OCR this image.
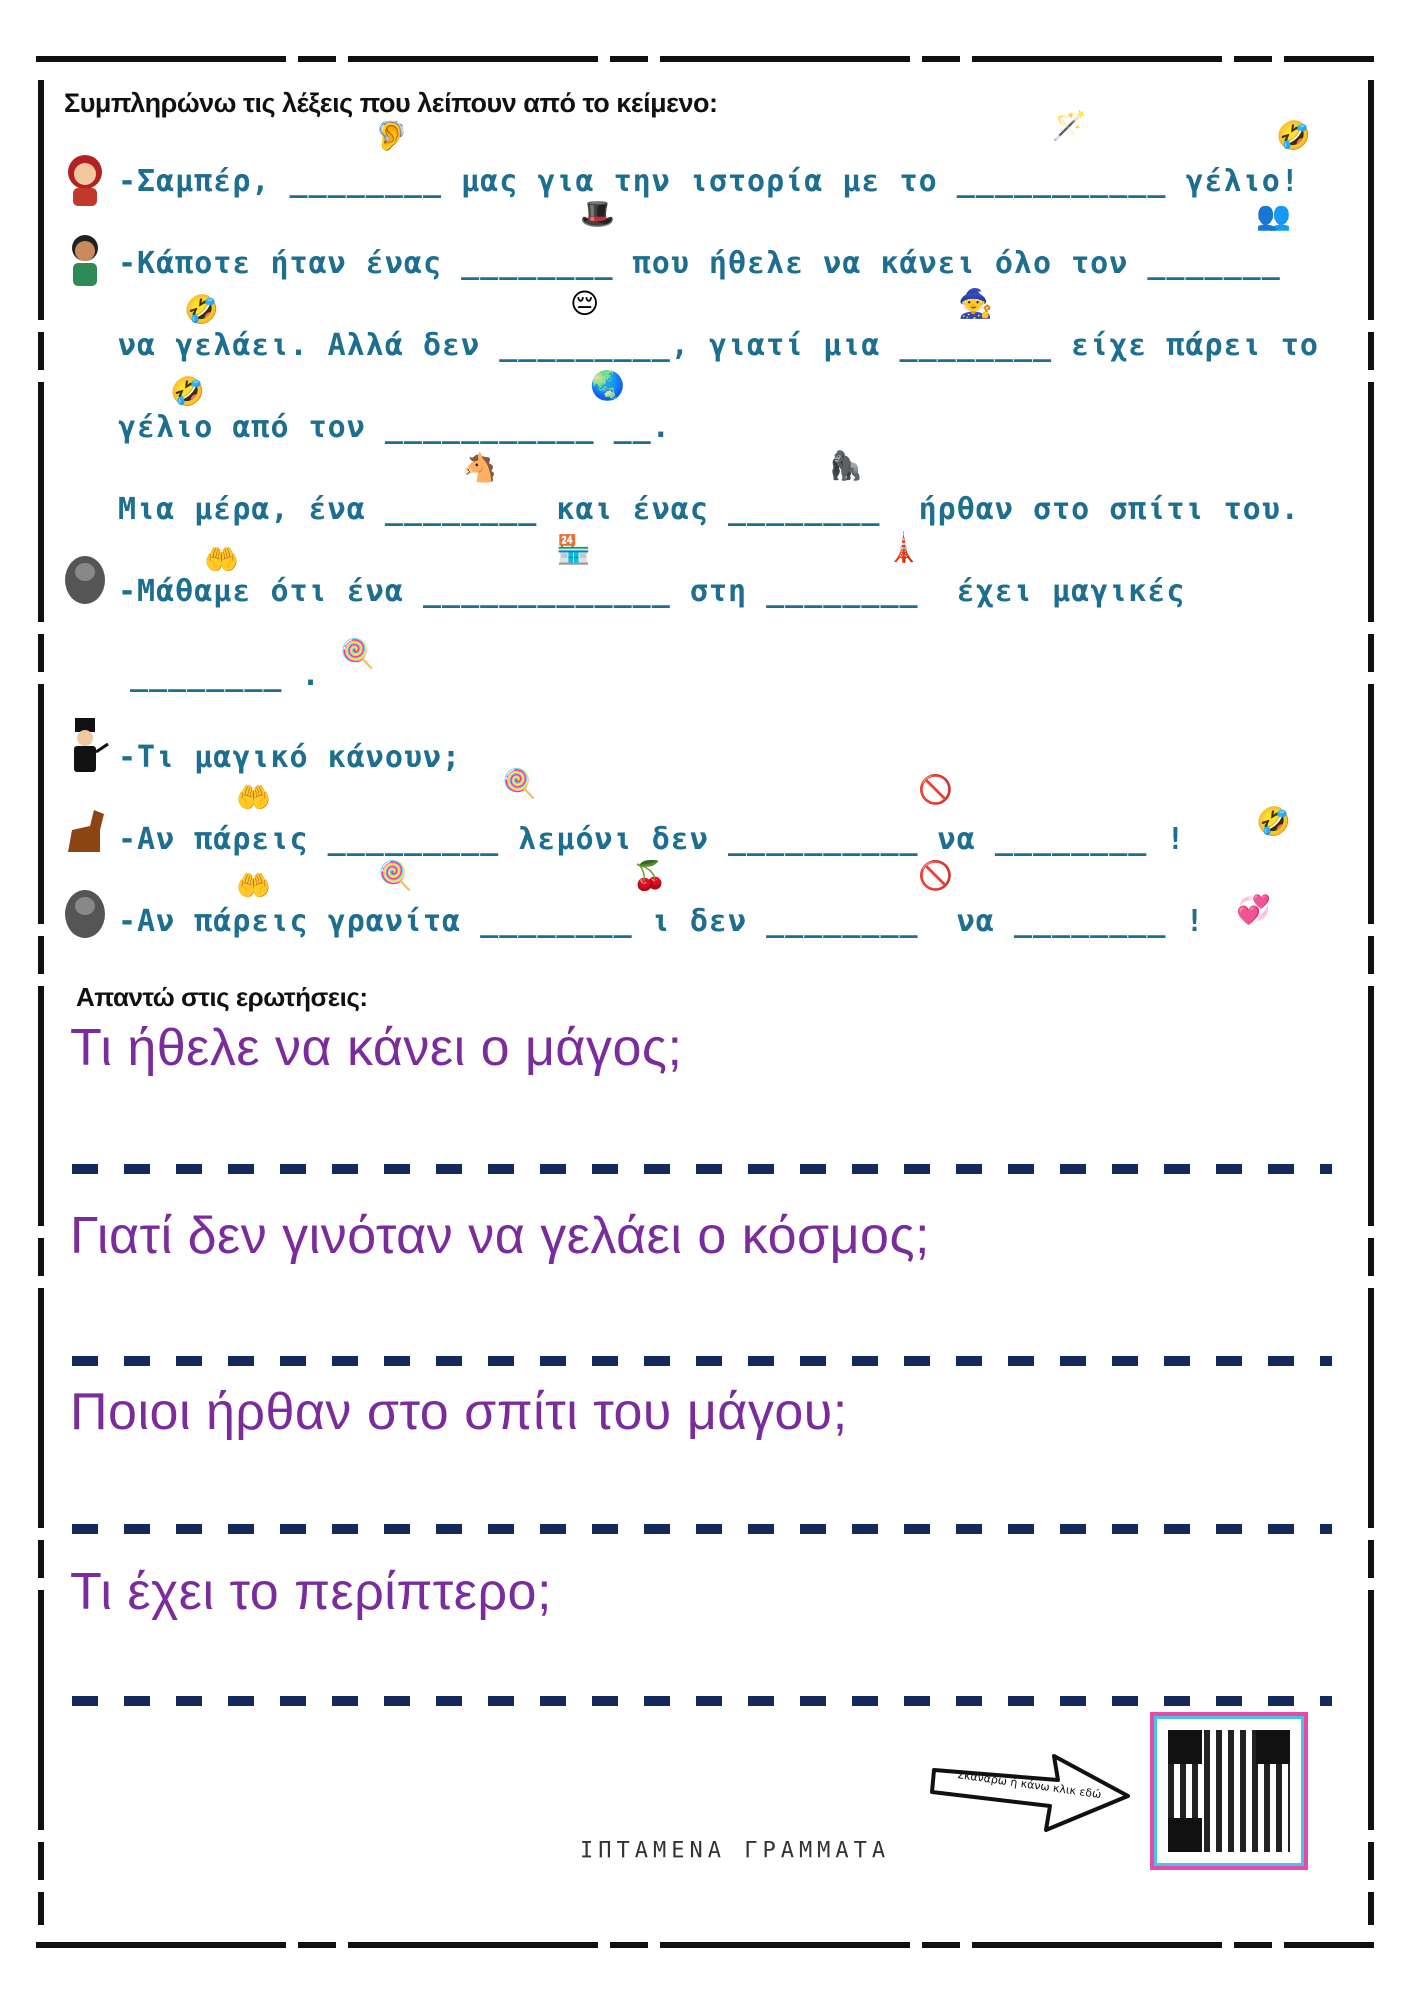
Συμπληρώνω τις λέξεις που λείπουν από το κείμενο:
-Σαμπέρ, ________ μας για την ιστορία με το ___________ γέλιο!
-Κάποτε ήταν ένας ________ που ήθελε να κάνει όλο τον _______
να γελάει. Αλλά δεν _________, γιατί μια ________ είχε πάρει το
γέλιο από τον ___________ __.
Μια μέρα, ένα ________ και ένας ________  ήρθαν στο σπίτι του.
-Μάθαμε ότι ένα _____________ στη ________  έχει μαγικές
________ .
-Τι μαγικό κάνουν;
-Αν πάρεις _________ λεμόνι δεν __________ να ________ !
-Αν πάρεις γρανίτα ________ ι δεν ________  να ________ !
🦻	🪄	🤣
🎩	👥
🤣	😔	🧙
🤣	🌏
🐴	🦍
🤲	🏪	🗼
🍭
🤲	🍭	🚫
🤣
🤲	🍭	🍒	🚫
💞
Απαντώ στις ερωτήσεις:
Τι ήθελε να κάνει ο μάγος;
Γιατί δεν γινόταν να γελάει ο κόσμος;
Ποιοι ήρθαν στο σπίτι του μάγου;
Τι έχει το περίπτερο;
Σκανάρω ή κάνω κλικ εδώ
ΙΠΤΑΜΕΝΑ ΓΡΑΜΜΑΤΑ
